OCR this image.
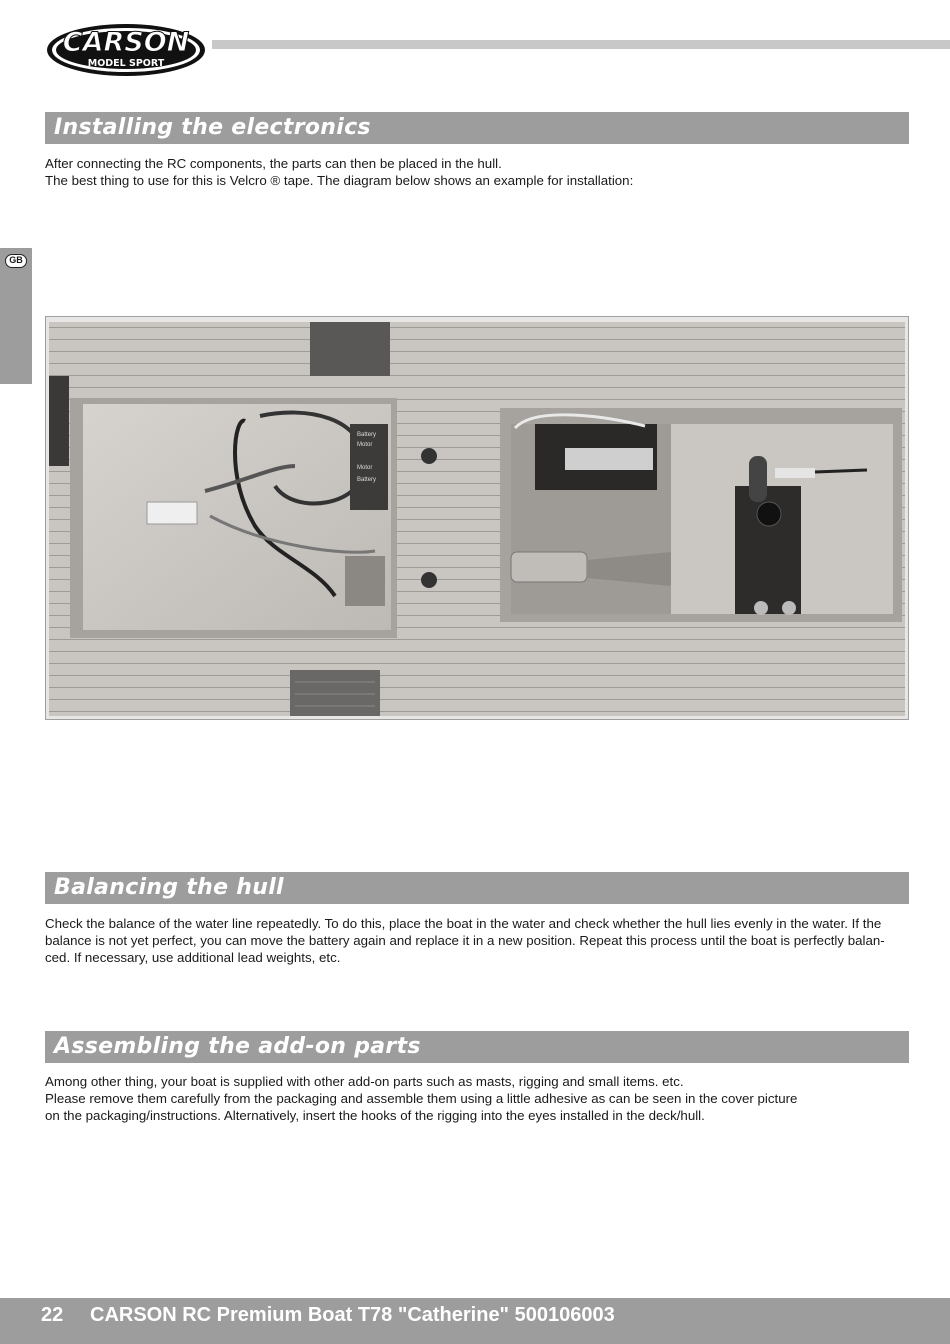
CARSON
MODEL SPORT
GB
Installing the electronics

After connecting the RC components, the parts can then be placed in the hull.

The best thing to use for this is Velcro ® tape. The diagram below shows an example for installation:

Battery
Motor
Motor
Battery
Balancing the hull

Check the balance of the water line repeatedly. To do this, place the boat in the water and check whether the hull lies evenly in the water. If the

balance is not yet perfect, you can move the battery again and replace it in a new position. Repeat this process until the boat is perfectly balan-

ced. If necessary, use additional lead weights, etc.

Assembling the add-on parts

Among other thing, your boat is supplied with other add-on parts such as masts, rigging and small items. etc.

Please remove them carefully from the packaging and assemble them using a little adhesive as can be seen in the cover picture

on the packaging/instructions. Alternatively, insert the hooks of the rigging into the eyes installed in the deck/hull.

22 CARSON RC Premium Boat T78 "Catherine" 500106003
